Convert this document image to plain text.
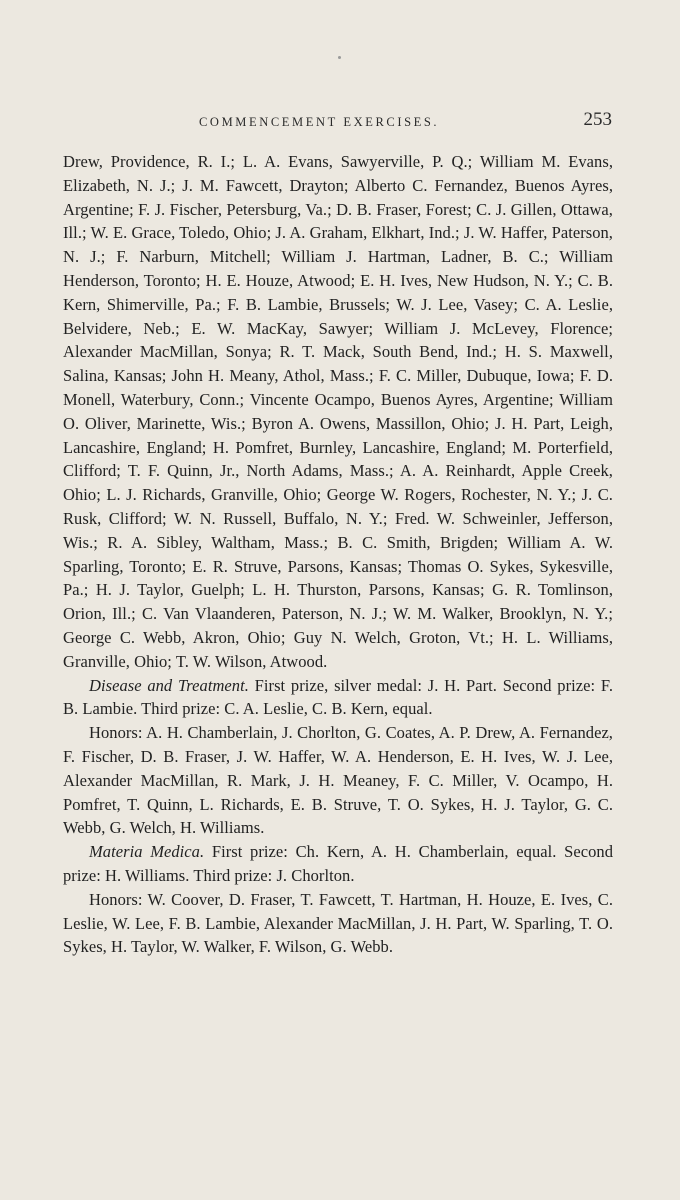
COMMENCEMENT EXERCISES.	253

Drew, Providence, R. I.; L. A. Evans, Sawyerville, P. Q.; William M. Evans, Elizabeth, N. J.; J. M. Fawcett, Drayton; Alberto C. Fernandez, Buenos Ayres, Argentine; F. J. Fischer, Petersburg, Va.; D. B. Fraser, Forest; C. J. Gillen, Ottawa, Ill.; W. E. Grace, Toledo, Ohio; J. A. Graham, Elkhart, Ind.; J. W. Haffer, Paterson, N. J.; F. Narburn, Mitchell; William J. Hartman, Ladner, B. C.; William Henderson, Toronto; H. E. Houze, Atwood; E. H. Ives, New Hudson, N. Y.; C. B. Kern, Shimerville, Pa.; F. B. Lambie, Brussels; W. J. Lee, Vasey; C. A. Leslie, Belvidere, Neb.; E. W. MacKay, Sawyer; William J. McLevey, Florence; Alexander MacMillan, Sonya; R. T. Mack, South Bend, Ind.; H. S. Maxwell, Salina, Kansas; John H. Meany, Athol, Mass.; F. C. Miller, Dubuque, Iowa; F. D. Monell, Waterbury, Conn.; Vincente Ocampo, Buenos Ayres, Argentine; William O. Oliver, Marinette, Wis.; Byron A. Owens, Massillon, Ohio; J. H. Part, Leigh, Lancashire, England; H. Pomfret, Burnley, Lancashire, England; M. Porterfield, Clifford; T. F. Quinn, Jr., North Adams, Mass.; A. A. Reinhardt, Apple Creek, Ohio; L. J. Richards, Granville, Ohio; George W. Rogers, Rochester, N. Y.; J. C. Rusk, Clifford; W. N. Russell, Buffalo, N. Y.; Fred. W. Schweinler, Jefferson, Wis.; R. A. Sibley, Waltham, Mass.; B. C. Smith, Brigden; William A. W. Sparling, Toronto; E. R. Struve, Parsons, Kansas; Thomas O. Sykes, Sykesville, Pa.; H. J. Taylor, Guelph; L. H. Thurston, Parsons, Kansas; G. R. Tomlinson, Orion, Ill.; C. Van Vlaanderen, Paterson, N. J.; W. M. Walker, Brooklyn, N. Y.; George C. Webb, Akron, Ohio; Guy N. Welch, Groton, Vt.; H. L. Williams, Granville, Ohio; T. W. Wilson, Atwood.

Disease and Treatment. First prize, silver medal: J. H. Part. Second prize: F. B. Lambie. Third prize: C. A. Leslie, C. B. Kern, equal.

Honors: A. H. Chamberlain, J. Chorlton, G. Coates, A. P. Drew, A. Fernandez, F. Fischer, D. B. Fraser, J. W. Haffer, W. A. Henderson, E. H. Ives, W. J. Lee, Alexander MacMillan, R. Mark, J. H. Meaney, F. C. Miller, V. Ocampo, H. Pomfret, T. Quinn, L. Richards, E. B. Struve, T. O. Sykes, H. J. Taylor, G. C. Webb, G. Welch, H. Williams.

Materia Medica. First prize: Ch. Kern, A. H. Chamberlain, equal. Second prize: H. Williams. Third prize: J. Chorlton.

Honors: W. Coover, D. Fraser, T. Fawcett, T. Hartman, H. Houze, E. Ives, C. Leslie, W. Lee, F. B. Lambie, Alexander MacMillan, J. H. Part, W. Sparling, T. O. Sykes, H. Taylor, W. Walker, F. Wilson, G. Webb.
